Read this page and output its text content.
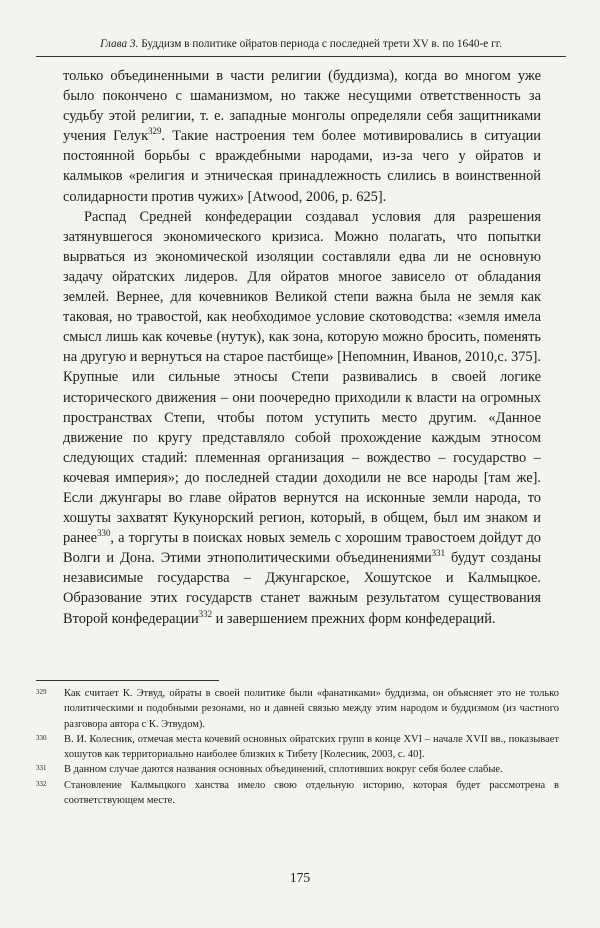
Глава 3. Буддизм в политике ойратов периода с последней трети XV в. по 1640-е гг.

только объединенными в части религии (буддизма), когда во многом уже было покончено с шаманизмом, но также несущими ответственность за судьбу этой религии, т. е. западные монголы определяли себя защитниками учения Гелук$^{329}$. Такие настроения тем более мотивировались в ситуации постоянной борьбы с враждебными народами, из-за чего у ойратов и калмыков «религия и этническая принадлежность слились в воинственной солидарности против чужих» [Atwood, 2006, p. 625].

Распад Средней конфедерации создавал условия для разрешения затянувшегося экономического кризиса. Можно полагать, что попытки вырваться из экономической изоляции составляли едва ли не основную задачу ойратских лидеров. Для ойратов многое зависело от обладания землей. Вернее, для кочевников Великой степи важна была не земля как таковая, но травостой, как необходимое условие скотоводства: «земля имела смысл лишь как кочевье (нутук), как зона, которую можно бросить, поменять на другую и вернуться на старое пастбище» [Непомнин, Иванов, 2010,с. 375]. Крупные или сильные этносы Степи развивались в своей логике исторического движения – они поочередно приходили к власти на огромных пространствах Степи, чтобы потом уступить место другим. «Данное движение по кругу представляло собой прохождение каждым этносом следующих стадий: племенная организация – вождество – государство – кочевая империя»; до последней стадии доходили не все народы [там же]. Если джунгары во главе ойратов вернутся на исконные земли народа, то хошуты захватят Кукунорский регион, который, в общем, был им знаком и ранее$^{330}$, а торгуты в поисках новых земель с хорошим травостоем дойдут до Волги и Дона. Этими этнополитическими объединениями$^{331}$ будут созданы независимые государства – Джунгарское, Хошутское и Калмыцкое. Образование этих государств станет важным результатом существования Второй конфедерации$^{332}$ и завершением прежних форм конфедераций.

329	Как считает К. Этвуд, ойраты в своей политике были «фанатиками» буддизма, он объясняет это не только политическими и подобными резонами, но и давней связью между этим народом и буддизмом (из частного разговора автора с К. Этвудом).
330	В. И. Колесник, отмечая места кочевий основных ойратских групп в конце XVI – начале XVII вв., показывает хошутов как территориально наиболее близких к Тибету [Колесник, 2003, с. 40].
331	В данном случае даются названия основных объединений, сплотивших вокруг себя более слабые.
332	Становление Калмыцкого ханства имело свою отдельную историю, которая будет рассмотрена в соответствующем месте.
175
